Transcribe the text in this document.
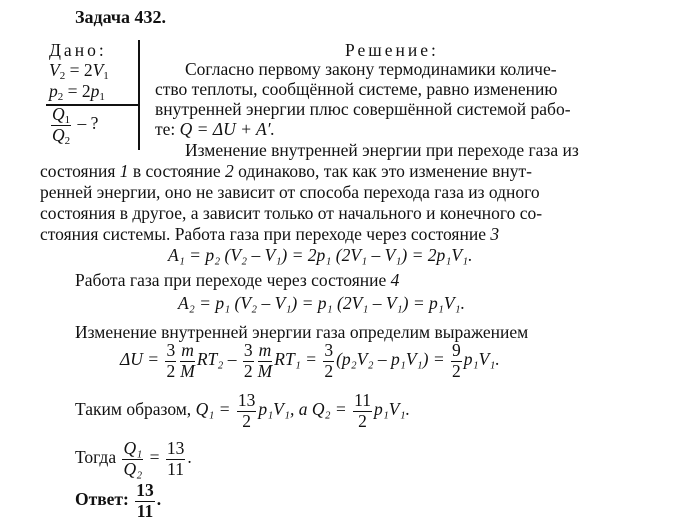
Задача 432.
Дано:
$V_2 = 2V_1$
$p_2 = 2p_1$
$\frac{Q_1}{Q_2}$ – ?
Решение:
Согласно первому закону термодинамики количе-
ство теплоты, сообщённой системе, равно изменению
внутренней энергии плюс совершённой системой рабо-
те: Q = ΔU + A′.
Изменение внутренней энергии при переходе газа из
состояния 1 в состояние 2 одинаково, так как это изменение внут-
ренней энергии, оно не зависит от способа перехода газа из одного
состояния в другое, а зависит только от начального и конечного со-
стояния системы. Работа газа при переходе через состояние 3
A₁ = p₂ (V₂ – V₁) = 2p₁ (2V₁ – V₁) = 2p₁V₁.
Работа газа при переходе через состояние 4
A₂ = p₁ (V₂ – V₁) = p₁ (2V₁ – V₁) = p₁V₁.
Изменение внутренней энергии газа определим выражением
$\Delta U = \frac{3}{2} \frac{m}{M} RT_2 - \frac{3}{2} \frac{m}{M} RT_1 = \frac{3}{2} (p_2V_2 - p_1V_1) = \frac{9}{2} p_1V_1$.
Таким образом, $Q_1 = \frac{13}{2} p_1V_1$, а $Q_2 = \frac{11}{2} p_1V_1$.
Тогда $\frac{\text{Q₁}}{\text{Q₂}} = \frac{13}{11}$ .
Ответ: $\frac{13}{11}$ .
